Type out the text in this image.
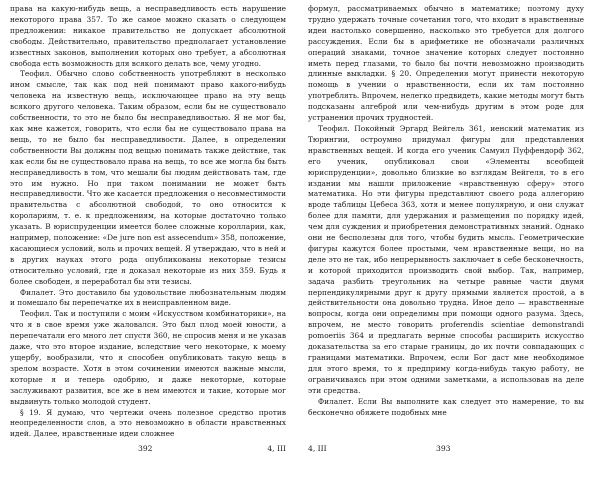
права на какую-нибудь вещь, а несправедливость есть нарушение некоторого права 357. То же самое можно сказать о следующем предложении: никакое правительство не допускает абсолютной свободы. Действительно, правительство предполагает установление известных законов, выполнения которых оно требует, а абсолютная свобода есть возможность для всякого делать все, чему угодно.

Теофил. Обычно слово собственность употребляют в несколько ином смысле, так как под ней понимают право какого-нибудь человека на известную вещь, исключающее право на эту вещь всякого другого человека. Таким образом, если бы не существовало собственности, то это не было бы несправедливостью. Я не мог бы, как мне кажется, говорить, что если бы не существовало права на вещь, то не было бы несправедливости. Далее, в определении собственности Вы должны под вещью понимать также действие, так как если бы не существовало права на вещь, то все же могла бы быть несправедливость в том, что мешали бы людям действовать там, где это им нужно. Но при таком понимании не может быть несправедливости. Что же касается предложения о несовместимости правительства с абсолютной свободой, то оно относится к королариям, т. е. к предложениям, на которые достаточно только указать. В юриспруденции имеется более сложные королларии, как, например, положение: «De jure non est assecendum» 358, положение, касающиеся условий, воль и прочих вещей. Я утверждаю, что в ней и в других науках этого рода опубликованы некоторые тезисы относительно условий, где я доказал некоторые из них 359. Будь я более свободен, я переработал бы эти тезисы.

Филалет. Это доставило бы удовольствие любознательным людям и помешало бы перепечатке их в неисправленном виде.

Теофил. Так и поступили с моим «Искусством комбинаторики», на что я в свое время уже жаловался. Это был плод моей юности, а перепечатали его много лет спустя 360, не спросив меня и не указав даже, что это второе издание, вследствие чего некоторые, к моему ущербу, вообразили, что я способен опубликовать такую вещь в зрелом возрасте. Хотя в этом сочинении имеются важные мысли, которые я и теперь одобряю, и даже некоторые, которые заслуживают развития, все же в нем имеются и такие, которые мог выдвинуть только молодой студент.

§ 19. Я думаю, что чертежи очень полезное средство против неопределенности слов, а это невозможно в области нравственных идей. Далее, нравственные идеи сложнее

392	4, III

формул, рассматриваемых обычно в математике; поэтому духу трудно удержать точные сочетания того, что входит в нравственные идеи настолько совершенно, насколько это требуется для долгого рассуждения. Если бы в арифметике не обозначали различных операций знаками, точное значение которых следует постоянно иметь перед глазами, то было бы почти невозможно производить длинные выкладки. § 20. Определения могут принести некоторую помощь в учении о нравственности, если их там постоянно употреблять. Впрочем, нелегко предвидеть, какие методы могут быть подсказаны алгеброй или чем-нибудь другим в этом роде для устранения прочих трудностей.

Теофил. Покойный Эргард Вейгель 361, иенский математик из Тюрингии, остроумно придумал фигуры для представления нравственных вещей. И когда его ученик Самуил Пуффендорф 362, его ученик, опубликовал свои «Элементы всеобщей юриспруденции», довольно близкие во взглядам Вейгеля, то в его издании мы нашли приложение «нравственную сферу» этого математика. Но эти фигуры представляют своего рода аллегорию вроде таблицы Цебеса 363, хотя и менее популярную, и они служат более для памяти, для удержания и размещения по порядку идей, чем для суждения и приобретения демонстративных знаний. Однако они не бесполезны для того, чтобы будить мысль. Геометрические фигуры кажутся более простыми, чем нравственные вещи, но на деле это не так, ибо непрерывность заключает в себе бесконечность, и которой приходится производить свой выбор. Так, например, задача разбить треугольник на четыре равные части двумя перпендикулярными друг к другу прямыми является простой, а в действительности она довольно трудна. Иное дело — нравственные вопросы, когда они определимы при помощи одного разума. Здесь, впрочем, не место говорить proferendis scientiae demonstrandi pomoeriis 364 и предлагать верные способы расширить искусство доказательства за его старые границы, до их почти совпадающих с границами математики. Впрочем, если Бог даст мне необходимое для этого время, то я предприму когда-нибудь такую работу, не ограничиваясь при этом одними заметками, а использовав на деле эти средства.

Филалет. Если Вы выполните как следует это намерение, то вы бесконечно обяжете подобных мне

4, III	393
